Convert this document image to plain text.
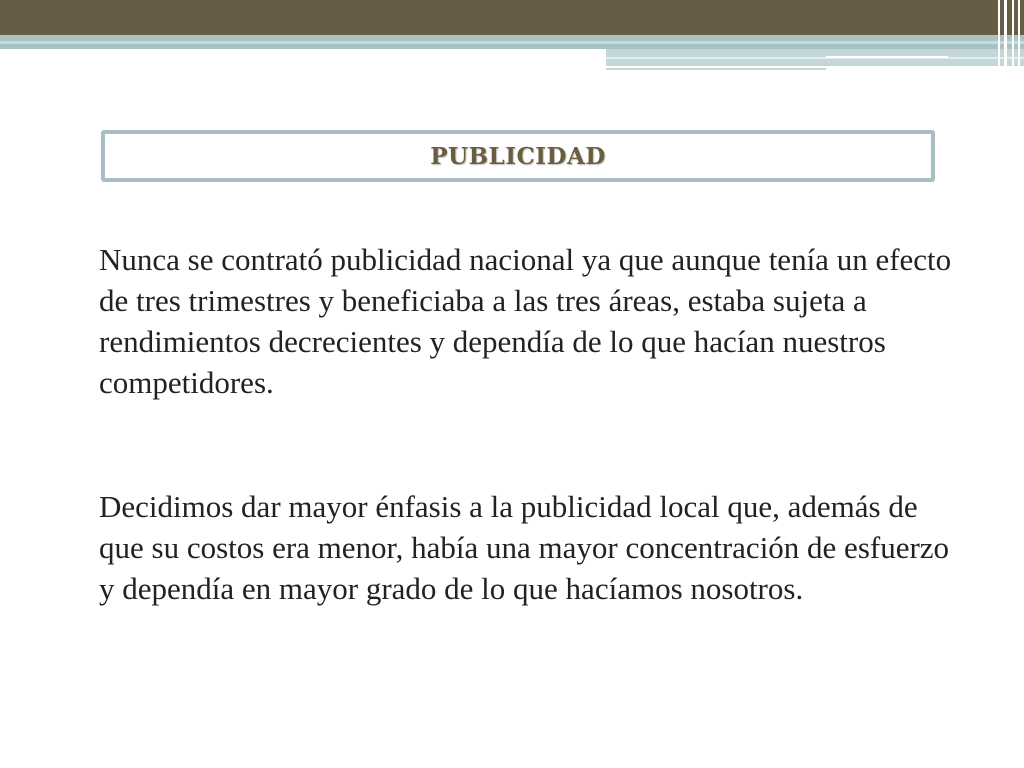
PUBLICIDAD

Nunca se contrató publicidad nacional ya que aunque tenía un efecto de tres trimestres y beneficiaba a las tres áreas, estaba sujeta a rendimientos decrecientes y dependía de lo que hacían nuestros competidores.

Decidimos dar mayor énfasis a la publicidad local que, además de que su costos era menor, había una mayor concentración de esfuerzo y dependía en mayor grado de lo que hacíamos nosotros.
